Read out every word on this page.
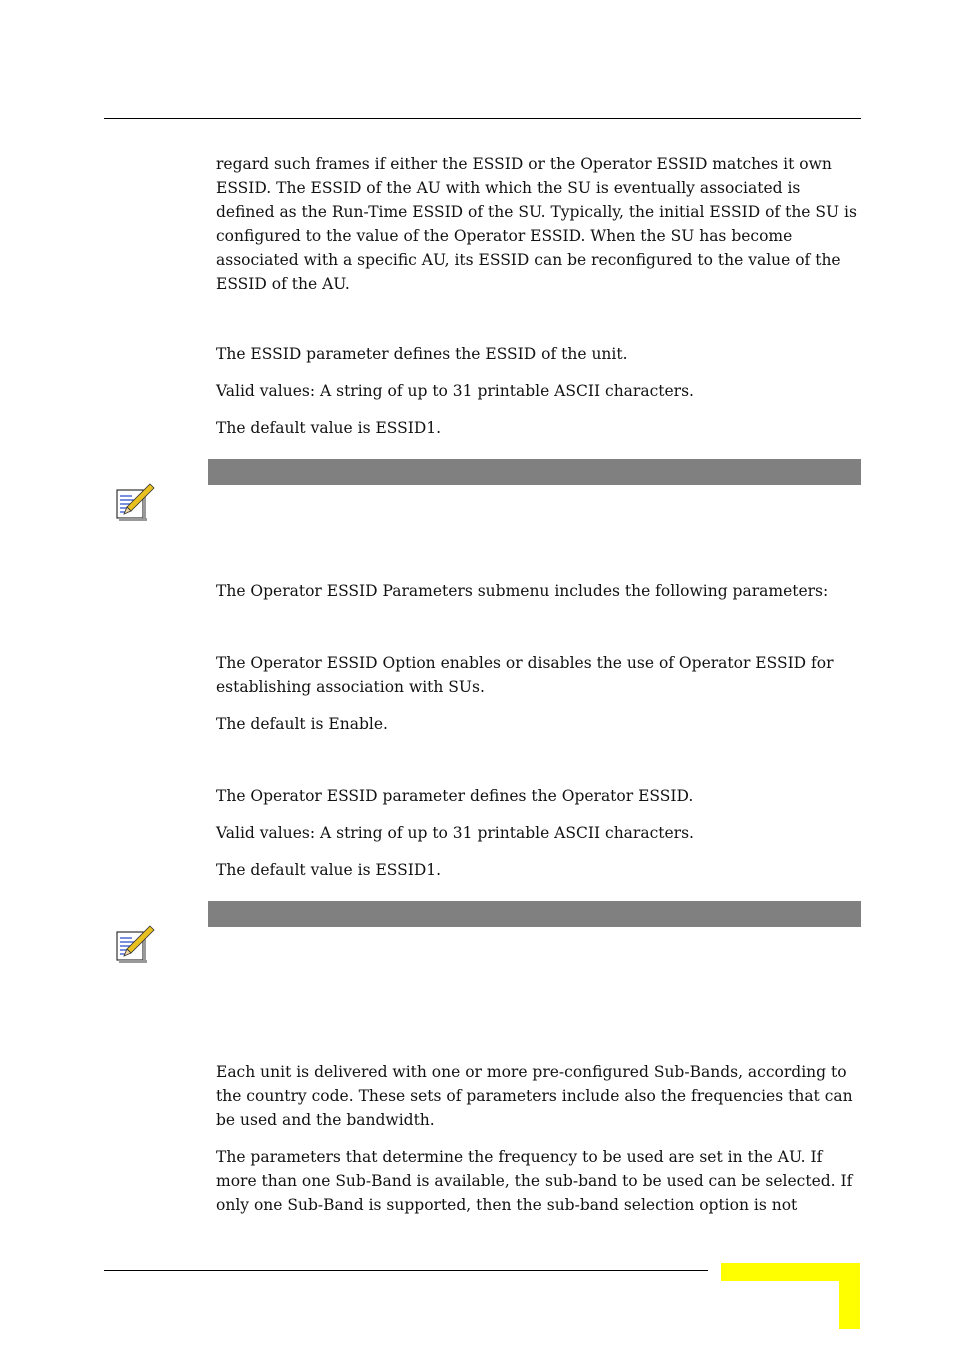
regard such frames if either the ESSID or the Operator ESSID matches it own ESSID. The ESSID of the AU with which the SU is eventually associated is defined as the Run-Time ESSID of the SU. Typically, the initial ESSID of the SU is configured to the value of the Operator ESSID. When the SU has become associated with a specific AU, its ESSID can be reconfigured to the value of the ESSID of the AU.

The ESSID parameter defines the ESSID of the unit.

Valid values: A string of up to 31 printable ASCII characters.

The default value is ESSID1.

The Operator ESSID Parameters submenu includes the following parameters:

The Operator ESSID Option enables or disables the use of Operator ESSID for establishing association with SUs.

The default is Enable.

The Operator ESSID parameter defines the Operator ESSID.

Valid values: A string of up to 31 printable ASCII characters.

The default value is ESSID1.

Each unit is delivered with one or more pre-configured Sub-Bands, according to the country code. These sets of parameters include also the frequencies that can be used and the bandwidth.

The parameters that determine the frequency to be used are set in the AU. If more than one Sub-Band is available, the sub-band to be used can be selected. If only one Sub-Band is supported, then the sub-band selection option is not
